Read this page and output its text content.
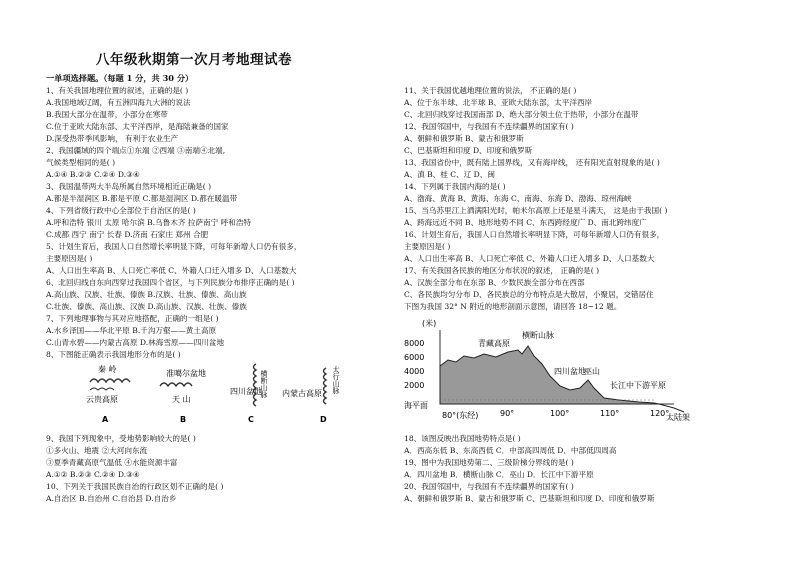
八年级秋期第一次月考地理试卷
一单项选择题。（每题 1 分，共 30 分）
1、有关我国地理位置的叙述，正确的是( )
A.我国地域辽阔，有五洲四海九大洲的说法
B.我国大部分在温带，小部分在寒带
C.位于亚欧大陆东部、太平洋西岸，是海陆兼备的国家
D.深受热带季风影响， 有利于农业生产
2、我国疆域的四个端点①东端 ②西端 ③南端④北端,
气候类型相同的是( )
A.①④ B.②③ C.②④ D.③④
3、我国温带两大半岛所属自然环境相近正确是( )
A.都是半湿润区 B.都是平原 C.都是湿润区 D.都在暖温带
4、下列省级行政中心全部位于自治区的是( )
A.呼和浩特 银川 太原 哈尔滨 B.乌鲁木齐 拉萨南宁 呼和浩特
C.成都 西宁 南宁 长春 D.济南 石家庄 郑州 合肥
5、计划生育后，我国人口自然增长率明显下降，可每年新增人口仍有很多，
主要原因是( )
A、人口出生率高 B、人口死亡率低 C、外籍人口迁入增多 D、人口基数大
6、北回归线自东向西穿过我国四个省区，与下列民族分布排序正确的是( )
A.高山族、汉族、壮族、傣族 B.汉族、壮族、傣族、高山族
C.壮族、傣族、高山族、汉族 D.高山族、汉族、壮族、傣族
7、下列地理事物与其对应地搭配，正确的一组是( )
A.水乡泽国——华北平原 B.千沟万壑——黄土高原
C.山青水碧——内蒙古高原 D.林海雪原——四川盆地
8、下图能正确表示我国地形分布的是( )
9、我国下列现象中，受地势影响较大的是( )
①多火山、地震 ②大河向东流
③夏季青藏高原气温低 ④水能资源丰富
A.①② B.②③ C.②④ D.③④
10、下列关于我国民族自治的行政区划不正确的是( )
A.自治区 B.自治州 C.自治县 D.自治乡
11、关于我国优越地理位置的说法， 不正确的是( )
A、位于东半球、北半球 B、亚欧大陆东部，太平洋西岸
C、北回归线穿过我国南部 D、绝大部分领土位于热带，小部分在温带
12、我国邻国中，与我国有不连续疆界的国家有( )
A、朝鲜和俄罗斯 B、蒙古和俄罗斯
C、巴基斯坦和印度 D、印度和俄罗斯
13、我国省份中，既有陆上国界线，又有海岸线， 还有阳光直射现象的是( )
A、滇 B、桂 C、辽 D、闽
14、下列属于我国内海的是( )
A、渤海、黄海 B、黄海、东海 C、南海、东海 D、渤海、琼州海峡
15、当乌苏里江上洒满阳光时，帕米尔高原上还是星斗满天， 这是由于我国( )
A、跨海远近不同 B、地形地势不同 C、东西跨经度广 D、南北跨纬度广
16、计划生育后，我国人口自然增长率明显下降，可每年新增人口仍有很多，
主要原因是( )
A、人口出生率高 B、人口死亡率低 C、外籍人口迁入增多 D、人口基数大
17、有关我国各民族的地区分布状况的叙述， 正确的是( )
A、汉族全部分布在东部 B、少数民族全部分布在西部
C、各民族均匀分布 D、各民族总的分布特点是大散居，小聚居，交错居住
下图为我国 32° N 附近的地形剖面示意图，请回答 18~12 题。
18、该图反映出我国地势特点是( )
A．西高东低 B、东高西低 C．中部高四周低 D．中部低四周高
19、图中为我国地势第二、三级阶梯分界线的是( )
A．四川盆地 B．横断山脉 C．巫山 D．长江中下游平原
20、我国邻国中，与我国有不连续疆界的国家有( )
A、朝鲜和俄罗斯 B、蒙古和俄罗斯 C、巴基斯坦和印度 D、印度和俄罗斯
秦 岭
云贵高原
准噶尔盆地
天 山
四川盆地
横断山脉 内蒙古高原 太行山脉
A	B	C	D
(米)
8000
6000
4000
2000
海平面
青藏高原
横断山脉
四川盆地
巫山
长江中下游平原
太陆架
80°(东经)	90°	100°	110°	120°
